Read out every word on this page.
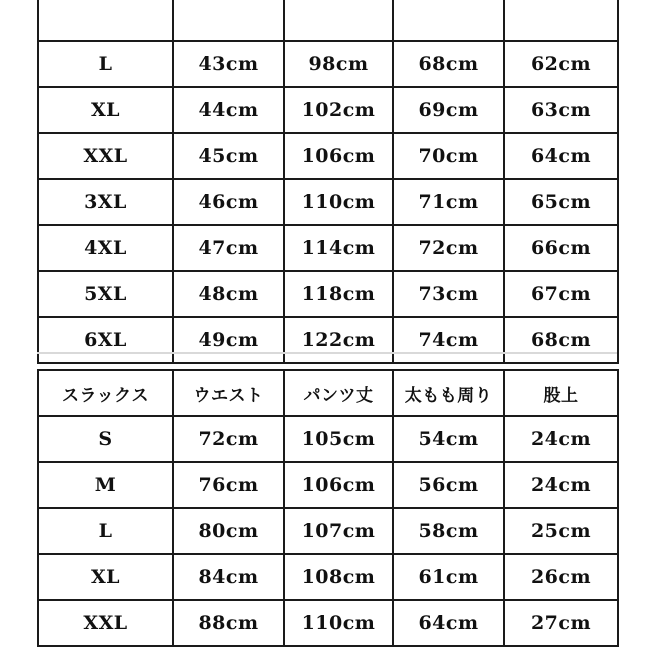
L	43cm	98cm	68cm	62cm
XL	44cm	102cm	69cm	63cm
XXL	45cm	106cm	70cm	64cm
3XL	46cm	110cm	71cm	65cm
4XL	47cm	114cm	72cm	66cm
5XL	48cm	118cm	73cm	67cm
6XL	49cm	122cm	74cm	68cm
スラックス	ウエスト	パンツ丈	太もも周り	股上
S	72cm	105cm	54cm	24cm
M	76cm	106cm	56cm	24cm
L	80cm	107cm	58cm	25cm
XL	84cm	108cm	61cm	26cm
XXL	88cm	110cm	64cm	27cm
